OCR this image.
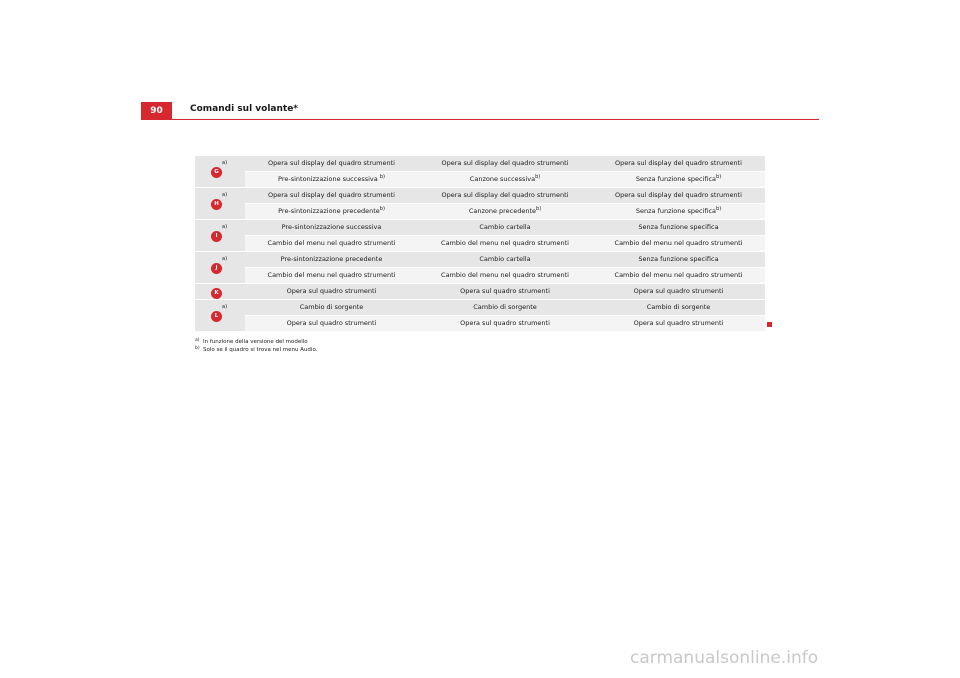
90	Comandi sul volante*
G
a)	Opera sul display del quadro strumenti	Opera sul display del quadro strumenti	Opera sul display del quadro strumenti
	Pre-sintonizzazione successiva $^{b)}$	Canzone successiva$^{b)}$	Senza funzione specifica$^{b)}$

H
a)	Opera sul display del quadro strumenti	Opera sul display del quadro strumenti	Opera sul display del quadro strumenti
	Pre-sintonizzazione precedente$^{b)}$	Canzone precedente$^{b)}$	Senza funzione specifica$^{b)}$

I
a)	Pre-sintonizzazione successiva	Cambio cartella	Senza funzione specifica
	Cambio del menu nel quadro strumenti	Cambio del menu nel quadro strumenti	Cambio del menu nel quadro strumenti

J
a)	Pre-sintonizzazione precedente	Cambio cartella	Senza funzione specifica
	Cambio del menu nel quadro strumenti	Cambio del menu nel quadro strumenti	Cambio del menu nel quadro strumenti

K	Opera sul quadro strumenti	Opera sul quadro strumenti	Opera sul quadro strumenti

L
a)	Cambio di sorgente	Cambio di sorgente	Cambio di sorgente
	Opera sul quadro strumenti	Opera sul quadro strumenti	Opera sul quadro strumenti
a) In funzione della versione del modello
b) Solo se il quadro si trova nel menu Audio.
carmanualsonline.info
